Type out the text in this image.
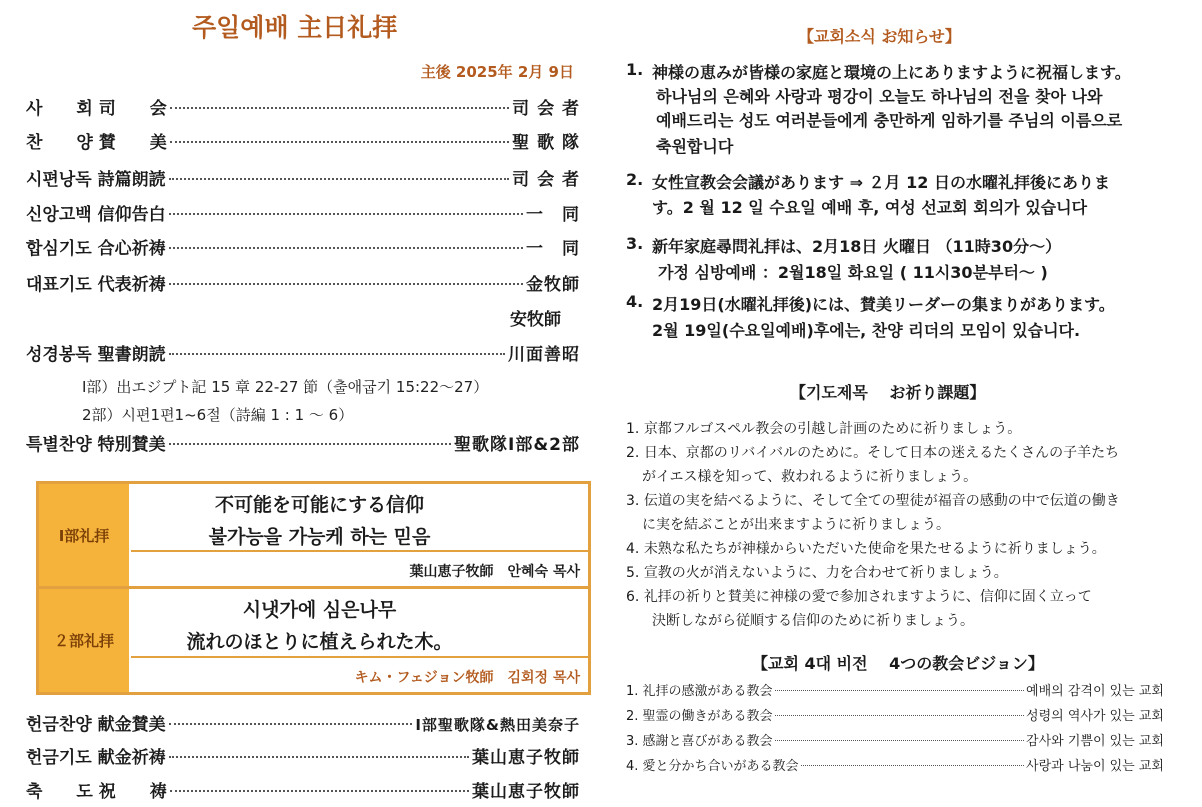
주일예배 主日礼拝
主後 2025年 2月 9日
사　　회 司　　会	司 会 者
찬　　양 賛　　美	聖 歌 隊
시편낭독 詩篇朗読	司 会 者
신앙고백 信仰告白	一　同
합심기도 合心祈祷	一　同
대표기도 代表祈祷	金牧師
安牧師
성경봉독 聖書朗読	川面善昭
Ⅰ部）出エジプト記 15 章 22-27 節（출애굽기 15:22〜27）
2部）시편1편1~6절（詩編 1 : 1 〜 6）
특별찬양 特別賛美	聖歌隊Ⅰ部&2部
Ⅰ部礼拝
不可能を可能にする信仰
불가능을 가능케 하는 믿음
葉山恵子牧師　안혜숙 목사
２部礼拝
시냇가에 심은나무
流れのほとりに植えられた木。
キム・フェジョン牧師　김회정 목사
헌금찬양 献金賛美	Ⅰ部聖歌隊&熱田美奈子
헌금기도 献金祈祷	葉山恵子牧師
축　　도 祝　　祷	葉山恵子牧師
【교회소식 お知らせ】
1. 神様の恵みが皆様の家庭と環境の上にありますように祝福します。
하나님의 은혜와 사랑과 평강이 오늘도 하나님의 전을 찾아 나와
예배드리는 성도 여러분들에게 충만하게 임하기를 주님의 이름으로
축원합니다
2. 女性宣教会会議があります ⇒ ２月 12 日の水曜礼拝後にありま
す。2 월 12 일 수요일 예배 후, 여성 선교회 회의가 있습니다
3. 新年家庭尋問礼拝は、2月18日 火曜日 （11時30分～）
가정 심방예배 ：2월18일 화요일 ( 11시30분부터～ )
4. 2月19日(水曜礼拝後)には、賛美リーダーの集まりがあります。
2월 19일(수요일예배)후에는, 찬양 리더의 모임이 있습니다.
【기도제목　 お祈り課題】
1. 京都フルゴスペル教会の引越し計画のために祈りましょう。
2. 日本、京都のリバイバルのために。そして日本の迷えるたくさんの子羊たち
がイエス様を知って、救われるように祈りましょう。
3. 伝道の実を結べるように、そして全ての聖徒が福音の感動の中で伝道の働き
に実を結ぶことが出来ますように祈りましょう。
4. 未熟な私たちが神様からいただいた使命を果たせるように祈りましょう。
5. 宣教の火が消えないように、力を合わせて祈りましょう。
6. 礼拝の祈りと賛美に神様の愛で参加されますように、信仰に固く立って
決断しながら従順する信仰のために祈りましょう。
【교회 4대 비전　 4つの教会ビジョン】
1. 礼拝の感激がある教会	예배의 감격이 있는 교회
2. 聖霊の働きがある教会	성령의 역사가 있는 교회
3. 感謝と喜びがある教会	감사와 기쁨이 있는 교회
4. 愛と分かち合いがある教会	사랑과 나눔이 있는 교회
